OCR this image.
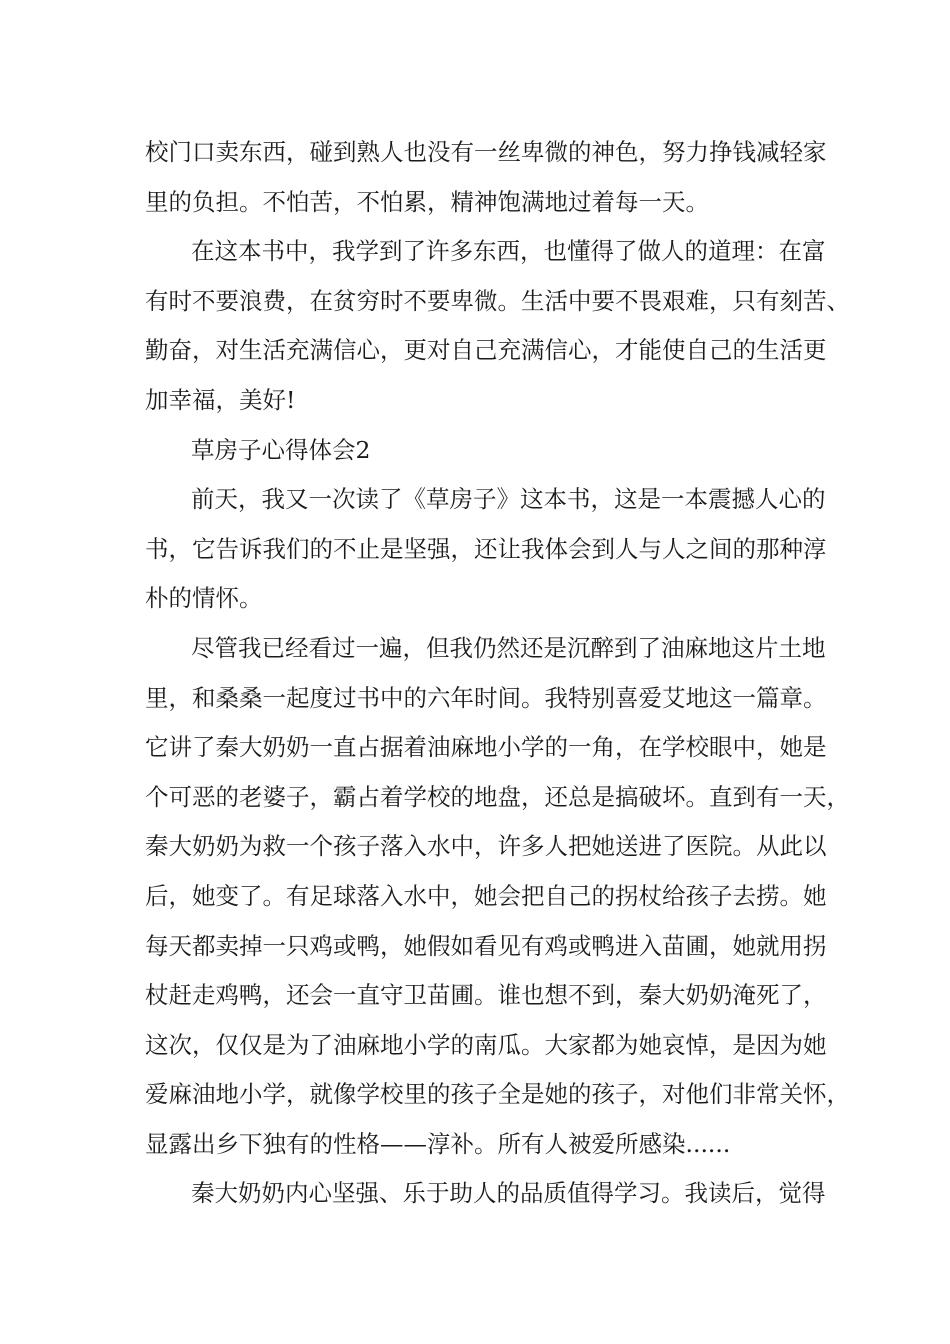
校门口卖东西，碰到熟人也没有一丝卑微的神色，努力挣钱减轻家
里的负担。不怕苦，不怕累，精神饱满地过着每一天。
在这本书中，我学到了许多东西，也懂得了做人的道理：在富
有时不要浪费，在贫穷时不要卑微。生活中要不畏艰难，只有刻苦、
勤奋，对生活充满信心，更对自己充满信心，才能使自己的生活更
加幸福，美好!
草房子心得体会2
前天，我又一次读了《草房子》这本书，这是一本震撼人心的
书，它告诉我们的不止是坚强，还让我体会到人与人之间的那种淳
朴的情怀。
尽管我已经看过一遍，但我仍然还是沉醉到了油麻地这片土地
里，和桑桑一起度过书中的六年时间。我特别喜爱艾地这一篇章。
它讲了秦大奶奶一直占据着油麻地小学的一角，在学校眼中，她是
个可恶的老婆子，霸占着学校的地盘，还总是搞破坏。直到有一天，
秦大奶奶为救一个孩子落入水中，许多人把她送进了医院。从此以
后，她变了。有足球落入水中，她会把自己的拐杖给孩子去捞。她
每天都卖掉一只鸡或鸭，她假如看见有鸡或鸭进入苗圃，她就用拐
杖赶走鸡鸭，还会一直守卫苗圃。谁也想不到，秦大奶奶淹死了，
这次，仅仅是为了油麻地小学的南瓜。大家都为她哀悼，是因为她
爱麻油地小学，就像学校里的孩子全是她的孩子，对他们非常关怀，
显露出乡下独有的性格——淳补。所有人被爱所感染......
秦大奶奶内心坚强、乐于助人的品质值得学习。我读后，觉得
